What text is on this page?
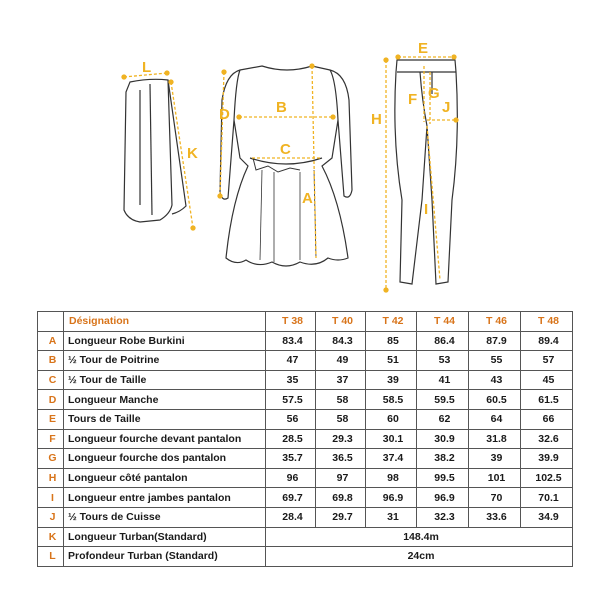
L
K
B
C
D
A
E
F G
J
H
I
	Désignation	T 38	T 40	T 42	T 44	T 46	T 48
A	Longueur Robe Burkini	83.4	84.3	85	86.4	87.9	89.4
B	½ Tour de Poitrine	47	49	51	53	55	57
C	½ Tour de Taille	35	37	39	41	43	45
D	Longueur Manche	57.5	58	58.5	59.5	60.5	61.5
E	Tours de Taille	56	58	60	62	64	66
F	Longueur fourche devant pantalon	28.5	29.3	30.1	30.9	31.8	32.6
G	Longueur fourche dos pantalon	35.7	36.5	37.4	38.2	39	39.9
H	Longueur côté pantalon	96	97	98	99.5	101	102.5
I	Longueur entre jambes pantalon	69.7	69.8	96.9	96.9	70	70.1
J	½ Tours de Cuisse	28.4	29.7	31	32.3	33.6	34.9
K	Longueur Turban(Standard)	148.4m					
L	Profondeur Turban (Standard)	24cm					
